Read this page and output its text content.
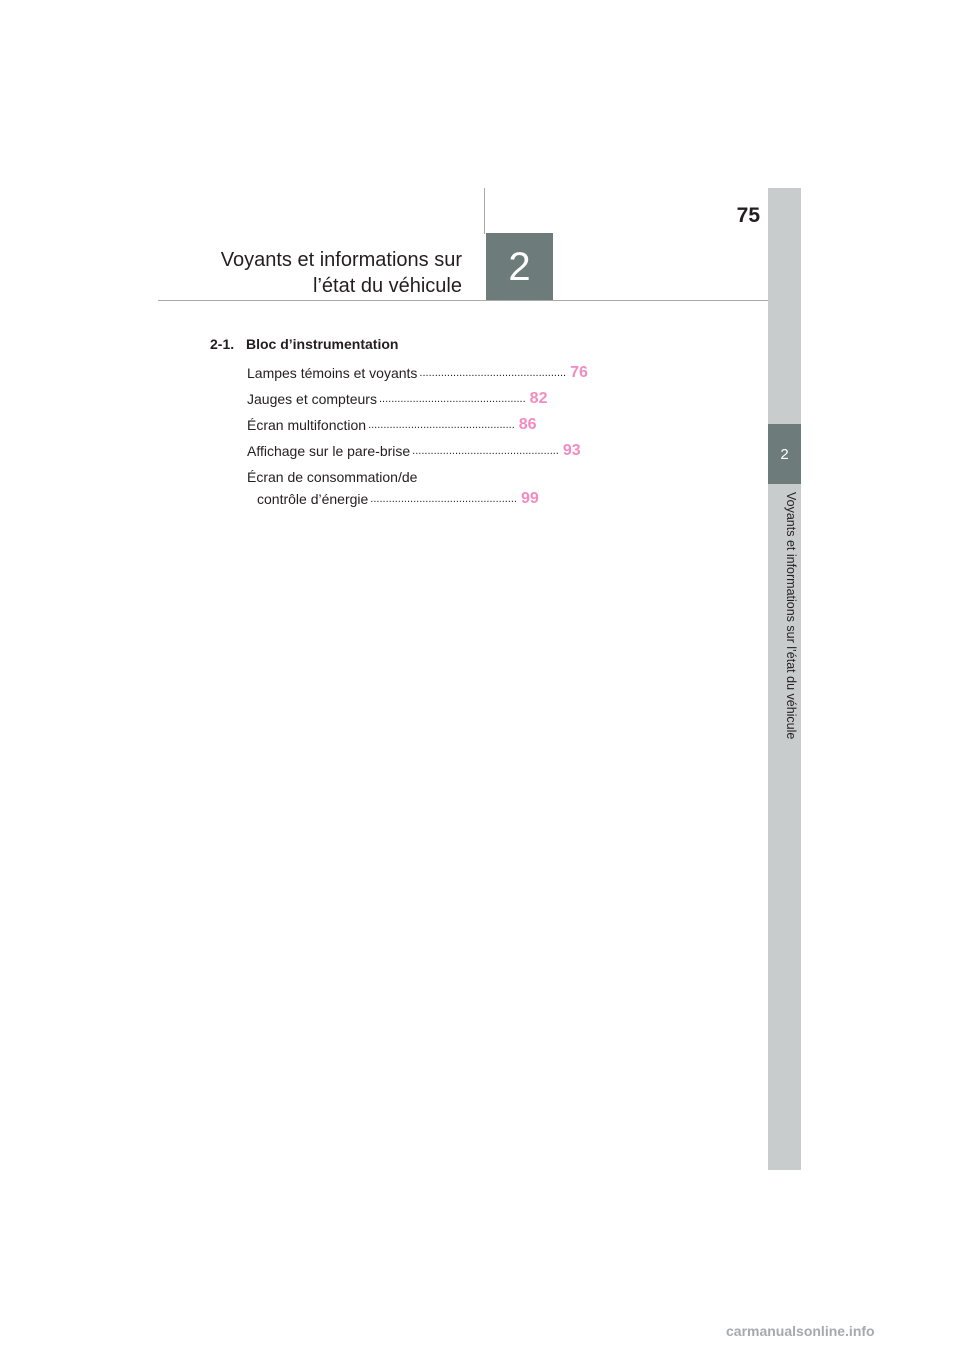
75
Voyants et informations sur
l’état du véhicule	2
2
Voyants et informations sur l’état du véhicule
2-1. Bloc d’instrumentation
Lampes témoins et voyants ................................................ 76
Jauges et compteurs ................................................ 82
Écran multifonction ................................................ 86
Affichage sur le pare-brise ................................................ 93
Écran de consommation/de
contrôle d’énergie ................................................ 99
carmanualsonline.info
